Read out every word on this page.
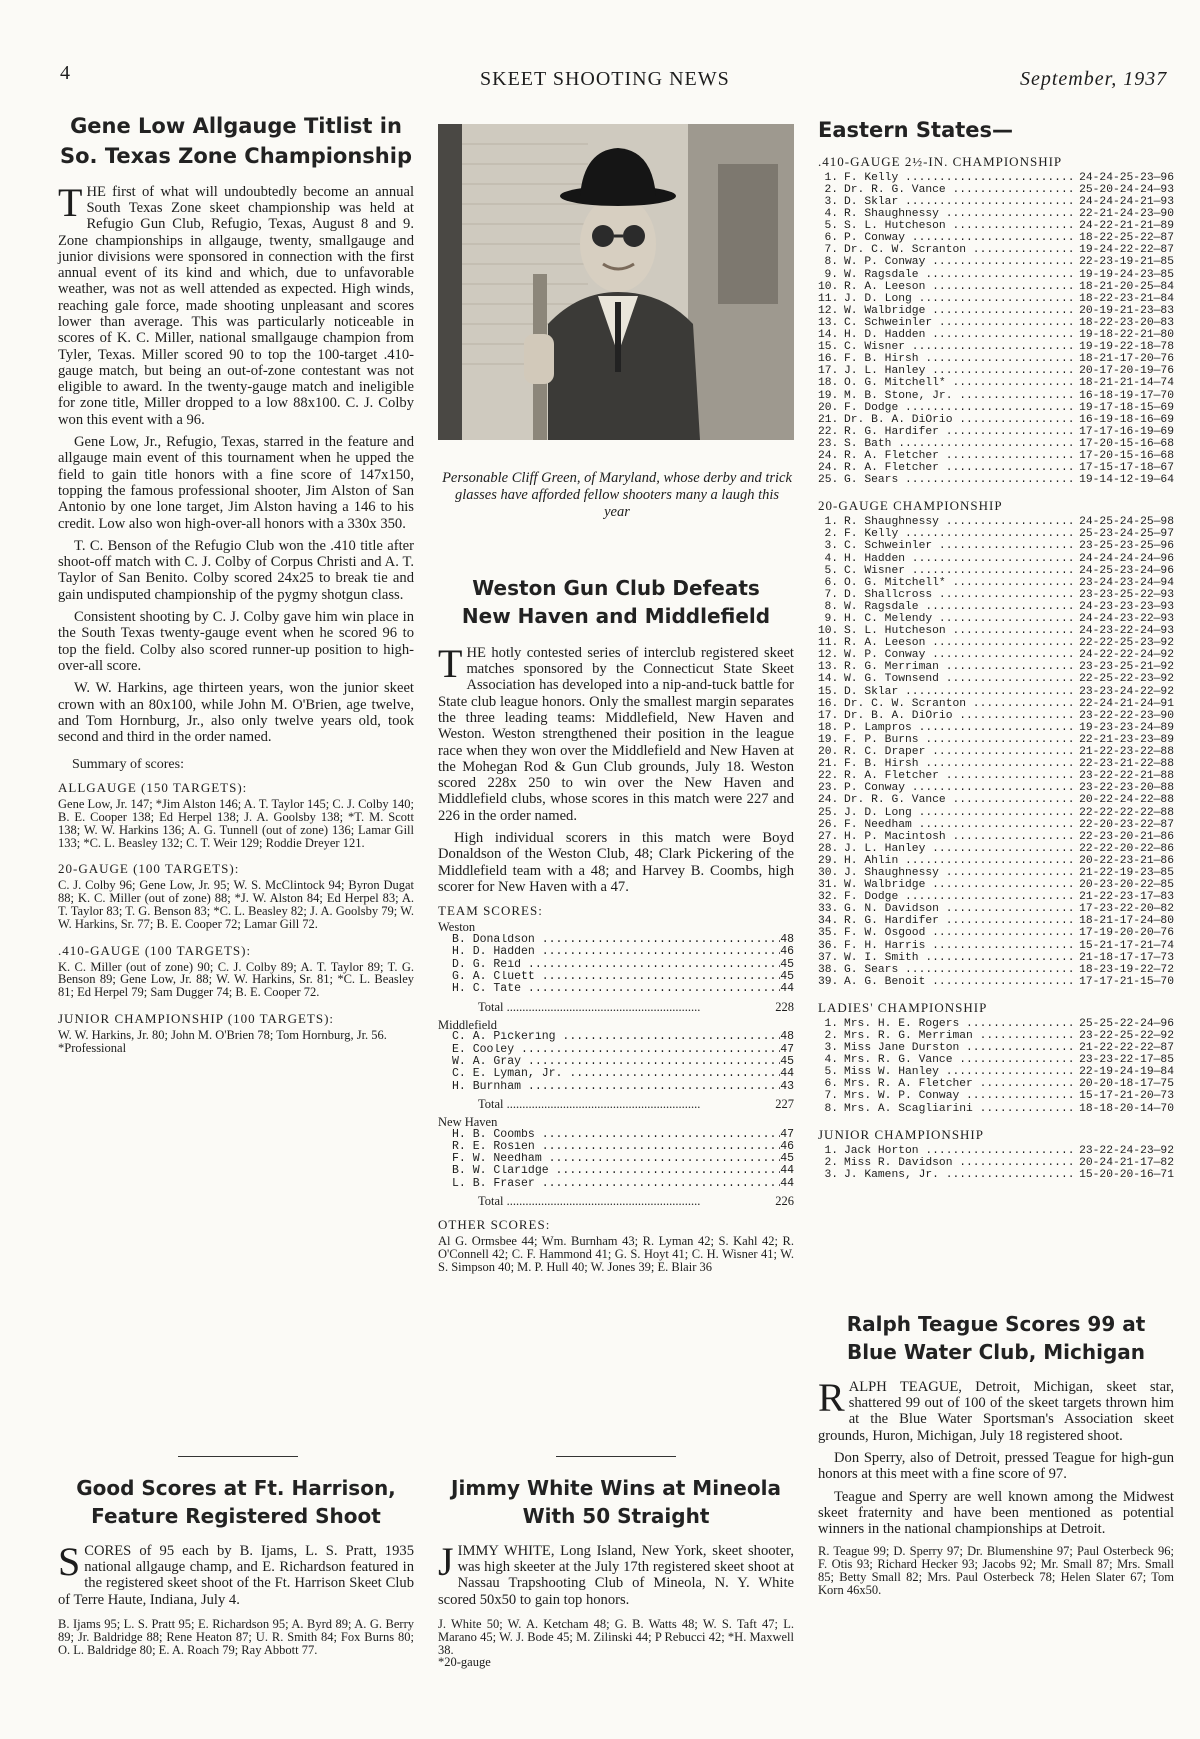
4	SKEET SHOOTING NEWS	September, 1937
Gene Low Allgauge Titlist in
So. Texas Zone Championship

THE first of what will undoubtedly become an annual South Texas Zone skeet championship was held at Refugio Gun Club, Refugio, Texas, August 8 and 9. Zone championships in allgauge, twenty, smallgauge and junior divisions were sponsored in connection with the first annual event of its kind and which, due to unfavorable weather, was not as well attended as expected. High winds, reaching gale force, made shooting unpleasant and scores lower than average. This was particularly noticeable in scores of K. C. Miller, national smallgauge champion from Tyler, Texas. Miller scored 90 to top the 100-target .410-gauge match, but being an out-of-zone contestant was not eligible to award. In the twenty-gauge match and ineligible for zone title, Miller dropped to a low 88x100. C. J. Colby won this event with a 96.

Gene Low, Jr., Refugio, Texas, starred in the feature and allgauge main event of this tournament when he upped the field to gain title honors with a fine score of 147x150, topping the famous professional shooter, Jim Alston of San Antonio by one lone target, Jim Alston having a 146 to his credit. Low also won high-over-all honors with a 330x 350.

T. C. Benson of the Refugio Club won the .410 title after shoot-off match with C. J. Colby of Corpus Christi and A. T. Taylor of San Benito. Colby scored 24x25 to break tie and gain undisputed championship of the pygmy shotgun class.

Consistent shooting by C. J. Colby gave him win place in the South Texas twenty-gauge event when he scored 96 to top the field. Colby also scored runner-up position to high-over-all score.

W. W. Harkins, age thirteen years, won the junior skeet crown with an 80x100, while John M. O'Brien, age twelve, and Tom Hornburg, Jr., also only twelve years old, took second and third in the order named.

Summary of scores:
ALLGAUGE (150 TARGETS):
Gene Low, Jr. 147; *Jim Alston 146; A. T. Taylor 145; C. J. Colby 140; B. E. Cooper 138; Ed Herpel 138; J. A. Goolsby 138; *T. M. Scott 138; W. W. Harkins 136; A. G. Tunnell (out of zone) 136; Lamar Gill 133; *C. L. Beasley 132; C. T. Weir 129; Roddie Dreyer 121.
20-GAUGE (100 TARGETS):
C. J. Colby 96; Gene Low, Jr. 95; W. S. McClintock 94; Byron Dugat 88; K. C. Miller (out of zone) 88; *J. W. Alston 84; Ed Herpel 83; A. T. Taylor 83; T. G. Benson 83; *C. L. Beasley 82; J. A. Goolsby 79; W. W. Harkins, Sr. 77; B. E. Cooper 72; Lamar Gill 72.
.410-GAUGE (100 TARGETS):
K. C. Miller (out of zone) 90; C. J. Colby 89; A. T. Taylor 89; T. G. Benson 89; Gene Low, Jr. 88; W. W. Harkins, Sr. 81; *C. L. Beasley 81; Ed Herpel 79; Sam Dugger 74; B. E. Cooper 72.
JUNIOR CHAMPIONSHIP (100 TARGETS):
W. W. Harkins, Jr. 80; John M. O'Brien 78; Tom Hornburg, Jr. 56.
*Professional
Good Scores at Ft. Harrison,
Feature Registered Shoot

SCORES of 95 each by B. Ijams, L. S. Pratt, 1935 national allgauge champ, and E. Richardson featured in the registered skeet shoot of the Ft. Harrison Skeet Club of Terre Haute, Indiana, July 4.

B. Ijams 95; L. S. Pratt 95; E. Richardson 95; A. Byrd 89; A. G. Berry 89; Jr. Baldridge 88; Rene Heaton 87; U. R. Smith 84; Fox Burns 80; O. L. Baldridge 80; E. A. Roach 79; Ray Abbott 77.
Personable Cliff Green, of Maryland, whose derby and trick glasses have afforded fellow shooters many a laugh this year
Weston Gun Club Defeats
New Haven and Middlefield

THE hotly contested series of interclub registered skeet matches sponsored by the Connecticut State Skeet Association has developed into a nip-and-tuck battle for State club league honors. Only the smallest margin separates the three leading teams: Middlefield, New Haven and Weston. Weston strengthened their position in the league race when they won over the Middlefield and New Haven at the Mohegan Rod & Gun Club grounds, July 18. Weston scored 228x 250 to win over the New Haven and Middlefield clubs, whose scores in this match were 227 and 226 in the order named.

High individual scorers in this match were Boyd Donaldson of the Weston Club, 48; Clark Pickering of the Middlefield team with a 48; and Harvey B. Coombs, high scorer for New Haven with a 47.

TEAM SCORES:
Weston
B. Donaldson .....	48
H. D. Hadden .....	46
D. G. Reid .....	45
G. A. Cluett .....	45
H. C. Tate .....	44
Total .....	228
Middlefield
C. A. Pickering .....	48
E. Cooley .....	47
W. A. Gray .....	45
C. E. Lyman, Jr. .....	44
H. Burnham .....	43
Total .....	227
New Haven
H. B. Coombs .....	47
R. E. Rosien .....	46
F. W. Needham .....	45
B. W. Claridge .....	44
L. B. Fraser .....	44
Total .....	226
OTHER SCORES:
Al G. Ormsbee 44; Wm. Burnham 43; R. Lyman 42; S. Kahl 42; R. O'Connell 42; C. F. Hammond 41; G. S. Hoyt 41; C. H. Wisner 41; W. S. Simpson 40; M. P. Hull 40; W. Jones 39; E. Blair 36
Jimmy White Wins at Mineola
With 50 Straight

JIMMY WHITE, Long Island, New York, skeet shooter, was high skeeter at the July 17th registered skeet shoot at Nassau Trapshooting Club of Mineola, N. Y. White scored 50x50 to gain top honors.

J. White 50; W. A. Ketcham 48; G. B. Watts 48; W. S. Taft 47; L. Marano 45; W. J. Bode 45; M. Zilinski 44; P Rebucci 42; *H. Maxwell 38.
*20-gauge
Eastern States—
.410-GAUGE 2½-IN. CHAMPIONSHIP
1. F. Kelly .....	24-24-25-23—96
2. Dr. R. G. Vance .....	25-20-24-24—93
3. D. Sklar .....	24-24-24-21—93
4. R. Shaughnessy .....	22-21-24-23—90
5. S. L. Hutcheson .....	24-22-21-21—89
6. P. Conway .....	18-22-25-22—87
7. Dr. C. W. Scranton .....	19-24-22-22—87
8. W. P. Conway .....	22-23-19-21—85
9. W. Ragsdale .....	19-19-24-23—85
10. R. A. Leeson .....	18-21-20-25—84
11. J. D. Long .....	18-22-23-21—84
12. W. Walbridge .....	20-19-21-23—83
13. C. Schweinler .....	18-22-23-20—83
14. H. D. Hadden .....	19-18-22-21—80
15. C. Wisner .....	19-19-22-18—78
16. F. B. Hirsh .....	18-21-17-20—76
17. J. L. Hanley .....	20-17-20-19—76
18. O. G. Mitchell* .....	18-21-21-14—74
19. M. B. Stone, Jr. .....	16-18-19-17—70
20. F. Dodge .....	19-17-18-15—69
21. Dr. B. A. DiOrio .....	16-19-18-16—69
22. R. G. Hardifer .....	17-17-16-19—69
23. S. Bath .....	17-20-15-16—68
24. R. A. Fletcher .....	17-20-15-16—68
24. R. A. Fletcher .....	17-15-17-18—67
25. G. Sears .....	19-14-12-19—64
20-GAUGE CHAMPIONSHIP
1. R. Shaughnessy .....	24-25-24-25—98
2. F. Kelly .....	25-23-24-25—97
3. C. Schweinler .....	23-25-23-25—96
4. H. Hadden .....	24-24-24-24—96
5. C. Wisner .....	24-25-23-24—96
6. O. G. Mitchell* .....	23-24-23-24—94
7. D. Shallcross .....	23-23-25-22—93
8. W. Ragsdale .....	24-23-23-23—93
9. H. C. Melendy .....	24-24-23-22—93
10. S. L. Hutcheson .....	24-23-22-24—93
11. R. A. Leeson .....	22-22-25-23—92
12. W. P. Conway .....	24-22-22-24—92
13. R. G. Merriman .....	23-23-25-21—92
14. W. G. Townsend .....	22-25-22-23—92
15. D. Sklar .....	23-23-24-22—92
16. Dr. C. W. Scranton .....	22-24-21-24—91
17. Dr. B. A. DiOrio .....	23-22-22-23—90
18. P. Lampros .....	19-23-23-24—89
19. F. P. Burns .....	22-21-23-23—89
20. R. C. Draper .....	21-22-23-22—88
21. F. B. Hirsh .....	22-23-21-22—88
22. R. A. Fletcher .....	23-22-22-21—88
23. P. Conway .....	23-22-23-20—88
24. Dr. R. G. Vance .....	20-22-24-22—88
25. J. D. Long .....	22-22-22-22—88
26. F. Needham .....	22-20-23-22—87
27. H. P. Macintosh .....	22-23-20-21—86
28. J. L. Hanley .....	22-22-20-22—86
29. H. Ahlin .....	20-22-23-21—86
30. J. Shaughnessy .....	21-22-19-23—85
31. W. Walbridge .....	20-23-20-22—85
32. F. Dodge .....	21-22-23-17—83
33. G. N. Davidson .....	17-23-22-20—82
34. R. G. Hardifer .....	18-21-17-24—80
35. F. W. Osgood .....	17-19-20-20—76
36. F. H. Harris .....	15-21-17-21—74
37. W. I. Smith .....	21-18-17-17—73
38. G. Sears .....	18-23-19-22—72
39. A. G. Benoit .....	17-17-21-15—70
LADIES' CHAMPIONSHIP
1. Mrs. H. E. Rogers .....	25-25-22-24—96
2. Mrs. R. G. Merriman .....	23-22-25-22—92
3. Miss Jane Durston .....	21-22-22-22—87
4. Mrs. R. G. Vance .....	23-23-22-17—85
5. Miss W. Hanley .....	22-19-24-19—84
6. Mrs. R. A. Fletcher .....	20-20-18-17—75
7. Mrs. W. P. Conway .....	15-17-21-20—73
8. Mrs. A. Scagliarini .....	18-18-20-14—70
JUNIOR CHAMPIONSHIP
1. Jack Horton .....	23-22-24-23—92
2. Miss R. Davidson .....	20-24-21-17—82
3. J. Kamens, Jr. .....	15-20-20-16—71
Ralph Teague Scores 99 at
Blue Water Club, Michigan

RALPH TEAGUE, Detroit, Michigan, skeet star, shattered 99 out of 100 of the skeet targets thrown him at the Blue Water Sportsman's Association skeet grounds, Huron, Michigan, July 18 registered shoot.

Don Sperry, also of Detroit, pressed Teague for high-gun honors at this meet with a fine score of 97.

Teague and Sperry are well known among the Midwest skeet fraternity and have been mentioned as potential winners in the national championships at Detroit.

R. Teague 99; D. Sperry 97; Dr. Blumenshine 97; Paul Osterbeck 96; F. Otis 93; Richard Hecker 93; Jacobs 92; Mr. Small 87; Mrs. Small 85; Betty Small 82; Mrs. Paul Osterbeck 78; Helen Slater 67; Tom Korn 46x50.
